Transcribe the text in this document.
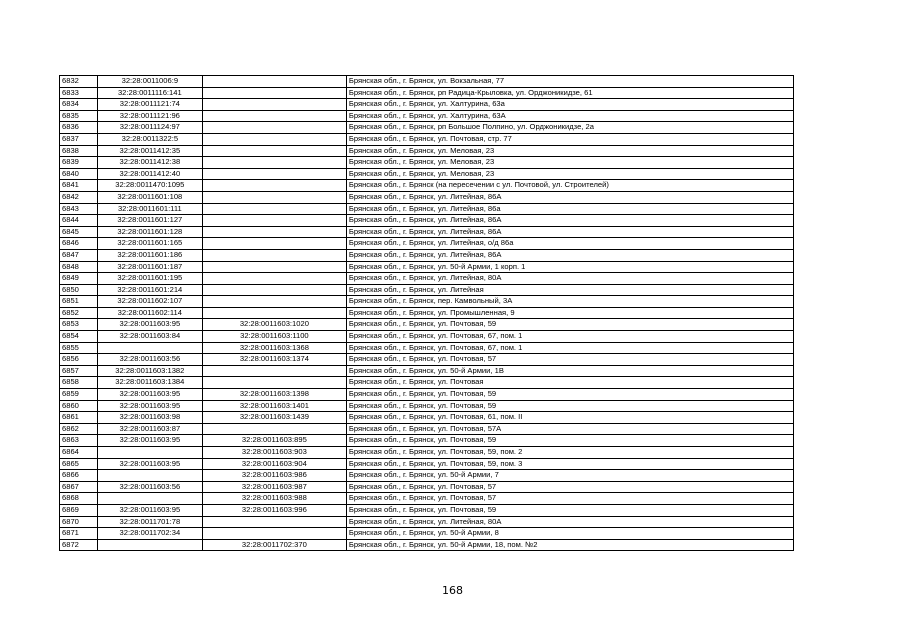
6832	32:28:0011006:9		Брянская обл., г. Брянск, ул. Вокзальная, 77
6833	32:28:0011116:141		Брянская обл., г. Брянск, рп Радица-Крыловка, ул. Орджоникидзе, 61
6834	32:28:0011121:74		Брянская обл., г. Брянск, ул. Халтурина, 63а
6835	32:28:0011121:96		Брянская обл., г. Брянск, ул. Халтурина, 63А
6836	32:28:0011124:97		Брянская обл., г. Брянск, рп Большое Полпино, ул. Орджоникидзе, 2а
6837	32:28:0011322:5		Брянская обл., г. Брянск, ул. Почтовая, стр. 77
6838	32:28:0011412:35		Брянская обл., г. Брянск, ул. Меловая, 23
6839	32:28:0011412:38		Брянская обл., г. Брянск, ул. Меловая, 23
6840	32:28:0011412:40		Брянская обл., г. Брянск, ул. Меловая, 23
6841	32:28:0011470:1095		Брянская обл., г. Брянск (на пересечении с ул. Почтовой, ул. Строителей)
6842	32:28:0011601:108		Брянская обл., г. Брянск, ул. Литейная, 86А
6843	32:28:0011601:111		Брянская обл., г. Брянск, ул. Литейная, 86а
6844	32:28:0011601:127		Брянская обл., г. Брянск, ул. Литейная, 86А
6845	32:28:0011601:128		Брянская обл., г. Брянск, ул. Литейная, 86А
6846	32:28:0011601:165		Брянская обл., г. Брянск, ул. Литейная, о/д 86а
6847	32:28:0011601:186		Брянская обл., г. Брянск, ул. Литейная, 86А
6848	32:28:0011601:187		Брянская обл., г. Брянск, ул. 50-й Армии, 1 корп. 1
6849	32:28:0011601:195		Брянская обл., г. Брянск, ул. Литейная, 80А
6850	32:28:0011601:214		Брянская обл., г. Брянск, ул. Литейная
6851	32:28:0011602:107		Брянская обл., г. Брянск, пер. Камвольный, 3А
6852	32:28:0011602:114		Брянская обл., г. Брянск, ул. Промышленная, 9
6853	32:28:0011603:95	32:28:0011603:1020	Брянская обл., г. Брянск, ул. Почтовая, 59
6854	32:28:0011603:84	32:28:0011603:1100	Брянская обл., г. Брянск, ул. Почтовая, 67, пом. 1
6855		32:28:0011603:1368	Брянская обл., г. Брянск, ул. Почтовая, 67, пом. 1
6856	32:28:0011603:56	32:28:0011603:1374	Брянская обл., г. Брянск, ул. Почтовая, 57
6857	32:28:0011603:1382		Брянская обл., г. Брянск, ул. 50-й Армии, 1В
6858	32:28:0011603:1384		Брянская обл., г. Брянск, ул. Почтовая
6859	32:28:0011603:95	32:28:0011603:1398	Брянская обл., г. Брянск, ул. Почтовая, 59
6860	32:28:0011603:95	32:28:0011603:1401	Брянская обл., г. Брянск, ул. Почтовая, 59
6861	32:28:0011603:98	32:28:0011603:1439	Брянская обл., г. Брянск, ул. Почтовая, 61, пом. II
6862	32:28:0011603:87		Брянская обл., г. Брянск, ул. Почтовая, 57А
6863	32:28:0011603:95	32:28:0011603:895	Брянская обл., г. Брянск, ул. Почтовая, 59
6864		32:28:0011603:903	Брянская обл., г. Брянск, ул. Почтовая, 59, пом. 2
6865	32:28:0011603:95	32:28:0011603:904	Брянская обл., г. Брянск, ул. Почтовая, 59, пом. 3
6866		32:28:0011603:986	Брянская обл., г. Брянск, ул. 50-й Армии, 7
6867	32:28:0011603:56	32:28:0011603:987	Брянская обл., г. Брянск, ул. Почтовая, 57
6868		32:28:0011603:988	Брянская обл., г. Брянск, ул. Почтовая, 57
6869	32:28:0011603:95	32:28:0011603:996	Брянская обл., г. Брянск, ул. Почтовая, 59
6870	32:28:0011701:78		Брянская обл., г. Брянск, ул. Литейная, 80А
6871	32:28:0011702:34		Брянская обл., г. Брянск, ул. 50-й Армии, 8
6872		32:28:0011702:370	Брянская обл., г. Брянск, ул. 50-й Армии, 18, пом. №2
168
